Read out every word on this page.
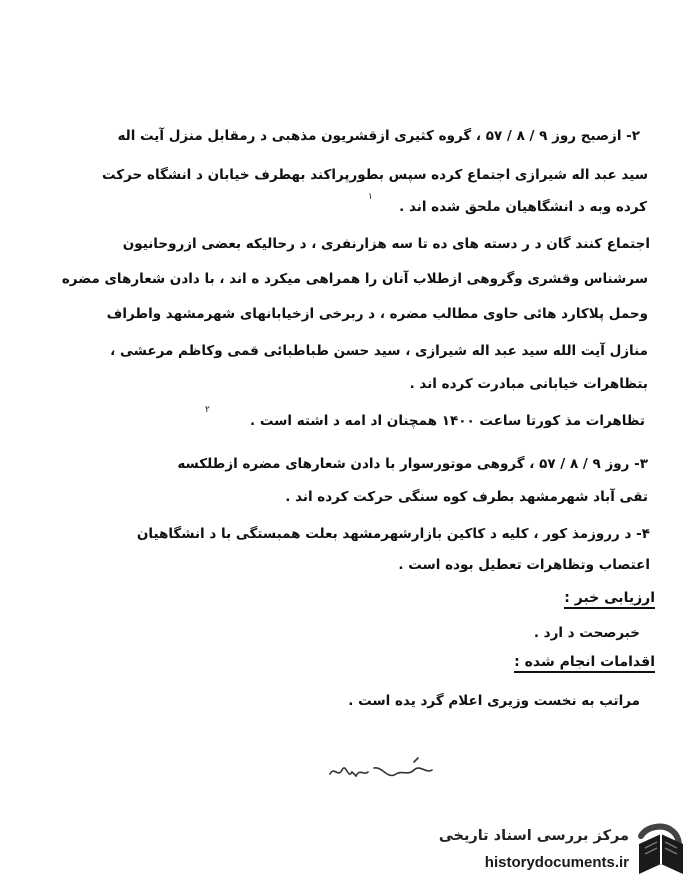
۲- ازصبح روز ۹ / ۸ / ۵۷ ، گروه کثیری ازقشریون مذهبی د رمقابل منزل آیت اله
سید عبد اله شیرازی اجتماع کرده سپس بطورپراکند بهطرف خیابان د انشگاه حرکت
کرده وبه د انشگاهیان ملحق شده اند .
۱
اجتماع کنند گان د ر دسته های ده تا سه هزارنفری ، د رحالیکه بعضی ازروحانیون
سرشناس وقشری وگروهی ازطلاب آنان را همراهی میکرد ه اند ، با دادن شعارهای مضره
وحمل پلاکارد هائی حاوی مطالب مضره ، د ربرخی ازخیابانهای شهرمشهد واطراف
منازل آیت الله سید عبد اله شیرازی ، سید حسن طباطبائی قمی وکاظم مرعشی ،
بتظاهرات خیابانی مبادرت کرده اند .
تظاهرات مذ کورتا ساعت ۱۴۰۰ همچنان اد امه د اشته است .
۲
۳- روز ۹ / ۸ / ۵۷ ، گروهی موتورسوار با دادن شعارهای مضره ازطلکسه
تقی آباد شهرمشهد بطرف کوه سنگی حرکت کرده اند .
۴- د رروزمذ کور ، کلیه د کاکین بازارشهرمشهد بعلت همبستگی با د انشگاهیان
اعتصاب وتظاهرات تعطیل بوده است .
ارزیابی خبر :
خبرصحت د ارد .
اقدامات انجام شده :
مراتب به نخست وزیری اعلام گرد یده است .
مرکز بررسی اسناد تاریخی
historydocuments.ir
